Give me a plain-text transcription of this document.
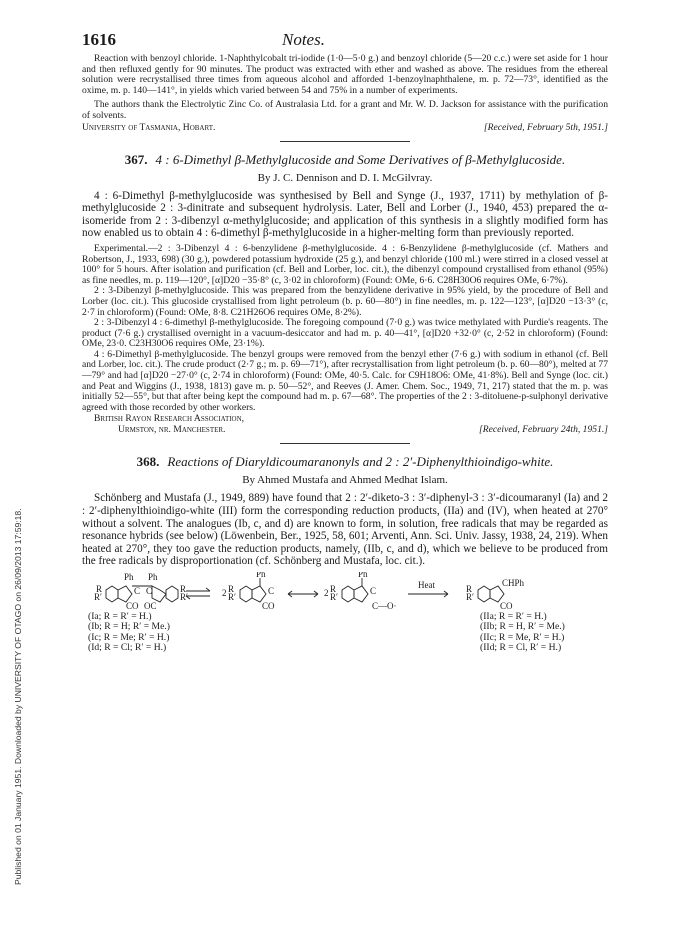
Published on 01 January 1951. Downloaded by UNIVERSITY OF OTAGO on 26/09/2013 17:59:18.
1616	Notes.

Reaction with benzoyl chloride. 1-Naphthylcobalt tri-iodide (1·0—5·0 g.) and benzoyl chloride (5—20 c.c.) were set aside for 1 hour and then refluxed gently for 90 minutes. The product was extracted with ether and washed as above. The residues from the ethereal solution were recrystallised three times from aqueous alcohol and afforded 1-benzoylnaphthalene, m. p. 72—73°, identified as the oxime, m. p. 140—141°, in yields which varied between 54 and 75% in a number of experiments.

The authors thank the Electrolytic Zinc Co. of Australasia Ltd. for a grant and Mr. W. D. Jackson for assistance with the purification of solvents.

University of Tasmania, Hobart.	[Received, February 5th, 1951.]
367. 4 : 6-Dimethyl β-Methylglucoside and Some Derivatives of β-Methylglucoside.
By J. C. Dennison and D. I. McGilvray.

4 : 6-Dimethyl β-methylglucoside was synthesised by Bell and Synge (J., 1937, 1711) by methylation of β-methylglucoside 2 : 3-dinitrate and subsequent hydrolysis. Later, Bell and Lorber (J., 1940, 453) prepared the α-isomeride from 2 : 3-dibenzyl α-methylglucoside; and application of this synthesis in a slightly modified form has now enabled us to obtain 4 : 6-dimethyl β-methylglucoside in a higher-melting form than previously reported.

Experimental.—2 : 3-Dibenzyl 4 : 6-benzylidene β-methylglucoside. 4 : 6-Benzylidene β-methylglucoside (cf. Mathers and Robertson, J., 1933, 698) (30 g.), powdered potassium hydroxide (25 g.), and benzyl chloride (100 ml.) were stirred in a closed vessel at 100° for 5 hours. After isolation and purification (cf. Bell and Lorber, loc. cit.), the dibenzyl compound crystallised from ethanol (95%) as fine needles, m. p. 119—120°, [α]D20 −35·8° (c, 3·02 in chloroform) (Found: OMe, 6·6. C28H30O6 requires OMe, 6·7%).

2 : 3-Dibenzyl β-methylglucoside. This was prepared from the benzylidene derivative in 95% yield, by the procedure of Bell and Lorber (loc. cit.). This glucoside crystallised from light petroleum (b. p. 60—80°) in fine needles, m. p. 122—123°, [α]D20 −13·3° (c, 2·7 in chloroform) (Found: OMe, 8·8. C21H26O6 requires OMe, 8·2%).

2 : 3-Dibenzyl 4 : 6-dimethyl β-methylglucoside. The foregoing compound (7·0 g.) was twice methylated with Purdie's reagents. The product (7·6 g.) crystallised overnight in a vacuum-desiccator and had m. p. 40—41°, [α]D20 +32·0° (c, 2·52 in chloroform) (Found: OMe, 23·0. C23H30O6 requires OMe, 23·1%).

4 : 6-Dimethyl β-methylglucoside. The benzyl groups were removed from the benzyl ether (7·6 g.) with sodium in ethanol (cf. Bell and Lorber, loc. cit.). The crude product (2·7 g.; m. p. 69—71°), after recrystallisation from light petroleum (b. p. 60—80°), melted at 77—79° and had [α]D20 −27·0° (c, 2·74 in chloroform) (Found: OMe, 40·5. Calc. for C9H18O6: OMe, 41·8%). Bell and Synge (loc. cit.) and Peat and Wiggins (J., 1938, 1813) gave m. p. 50—52°, and Reeves (J. Amer. Chem. Soc., 1949, 71, 217) stated that the m. p. was initially 52—55°, but that after being kept the compound had m. p. 67—68°. The properties of the 2 : 3-ditoluene-p-sulphonyl derivative agreed with those recorded by other workers.

British Rayon Research Association,
Urmston, nr. Manchester.	[Received, February 24th, 1951.]
368. Reactions of Diaryldicoumaranonyls and 2 : 2′-Diphenylthioindigo-white.
By Ahmed Mustafa and Ahmed Medhat Islam.

Schönberg and Mustafa (J., 1949, 889) have found that 2 : 2′-diketo-3 : 3′-diphenyl-3 : 3′-dicoumaranyl (Ia) and 2 : 2′-diphenylthioindigo-white (III) form the corresponding reduction products, (IIa) and (IV), when heated at 270° without a solvent. The analogues (Ib, c, and d) are known to form, in solution, free radicals that may be regarded as resonance hybrids (see below) (Löwenbein, Ber., 1925, 58, 601; Arventi, Ann. Sci. Univ. Jassy, 1938, 24, 219). When heated at 270°, they too gave the reduction products, namely, (IIb, c, and d), which we believe to be produced from the free radicals by disproportionation (cf. Schönberg and Mustafa, loc. cit.).

Ph Ph
R
R′
R
R′
C C
CO OC
2 R
R′
Ph
C
CO
2 R
R′
Ph
C
C—O·
Heat	R
R′
CHPh
CO
(Ia; R = R′ = H.)
(Ib; R = H; R′ = Me.)
(Ic; R = Me; R′ = H.)
(Id; R = Cl; R′ = H.)
(IIa; R = R′ = H.)
(IIb; R = H, R′ = Me.)
(IIc; R = Me, R′ = H.)
(IId; R = Cl, R′ = H.)
